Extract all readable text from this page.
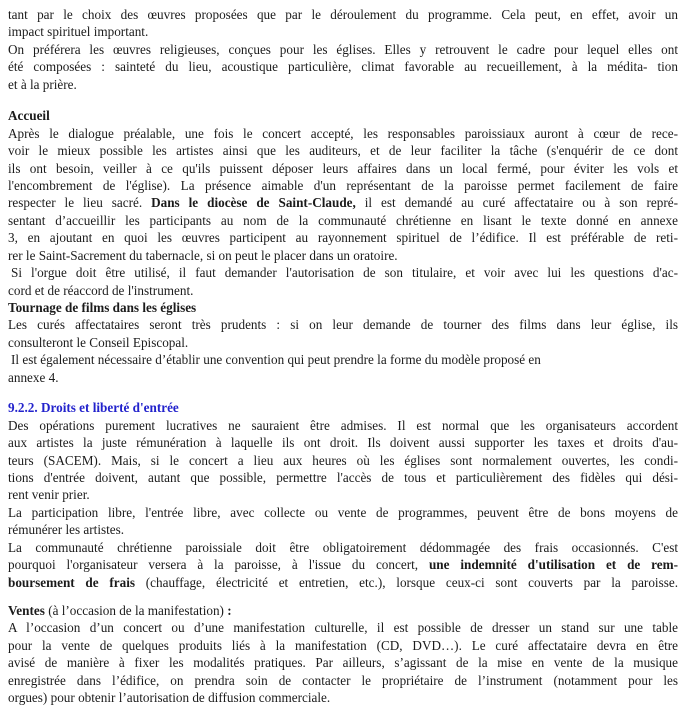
tant par le choix des œuvres proposées que par le déroulement du programme. Cela peut, en effet, avoir un
impact spirituel important.
On préférera les œuvres religieuses, conçues pour les églises. Elles y retrouvent le cadre pour lequel elles ont
été composées : sainteté du lieu, acoustique particulière, climat favorable au recueillement, à la médita- tion
et à la prière.
Accueil
Après le dialogue préalable, une fois le concert accepté, les responsables paroissiaux auront à cœur de rece-
voir le mieux possible les artistes ainsi que les auditeurs, et de leur faciliter la tâche (s'enquérir de ce dont
ils ont besoin, veiller à ce qu'ils puissent déposer leurs affaires dans un local fermé, pour éviter les vols et
l'encombrement de l'église). La présence aimable d'un représentant de la paroisse permet facilement de faire
respecter le lieu sacré. Dans le diocèse de Saint-Claude, il est demandé au curé affectataire ou à son repré-
sentant d’accueillir les participants au nom de la communauté chrétienne en lisant le texte donné en annexe
3, en ajoutant en quoi les œuvres participent au rayonnement spirituel de l’édifice. Il est préférable de reti-
rer le Saint-Sacrement du tabernacle, si on peut le placer dans un oratoire.
Si l'orgue doit être utilisé, il faut demander l'autorisation de son titulaire, et voir avec lui les questions d'ac-
cord et de réaccord de l'instrument.
Tournage de films dans les églises
Les curés affectataires seront très prudents : si on leur demande de tourner des films dans leur église, ils
consulteront le Conseil Episcopal.
Il est également nécessaire d’établir une convention qui peut prendre la forme du modèle proposé en
annexe 4.
9.2.2. Droits et liberté d'entrée
Des opérations purement lucratives ne sauraient être admises. Il est normal que les organisateurs accordent
aux artistes la juste rémunération à laquelle ils ont droit. Ils doivent aussi supporter les taxes et droits d'au-
teurs (SACEM). Mais, si le concert a lieu aux heures où les églises sont normalement ouvertes, les condi-
tions d'entrée doivent, autant que possible, permettre l'accès de tous et particulièrement des fidèles qui dési-
rent venir prier.
La participation libre, l'entrée libre, avec collecte ou vente de programmes, peuvent être de bons moyens de
rémunérer les artistes.
La communauté chrétienne paroissiale doit être obligatoirement dédommagée des frais occasionnés. C'est
pourquoi l'organisateur versera à la paroisse, à l'issue du concert, une indemnité d'utilisation et de rem-
boursement de frais (chauffage, électricité et entretien, etc.), lorsque ceux-ci sont couverts par la paroisse.
Ventes (à l’occasion de la manifestation) :
A l’occasion d’un concert ou d’une manifestation culturelle, il est possible de dresser un stand sur une table
pour la vente de quelques produits liés à la manifestation (CD, DVD…). Le curé affectataire devra en être
avisé de manière à fixer les modalités pratiques. Par ailleurs, s’agissant de la mise en vente de la musique
enregistrée dans l’édifice, on prendra soin de contacter le propriétaire de l’instrument (notamment pour les
orgues) pour obtenir l’autorisation de diffusion commerciale.
